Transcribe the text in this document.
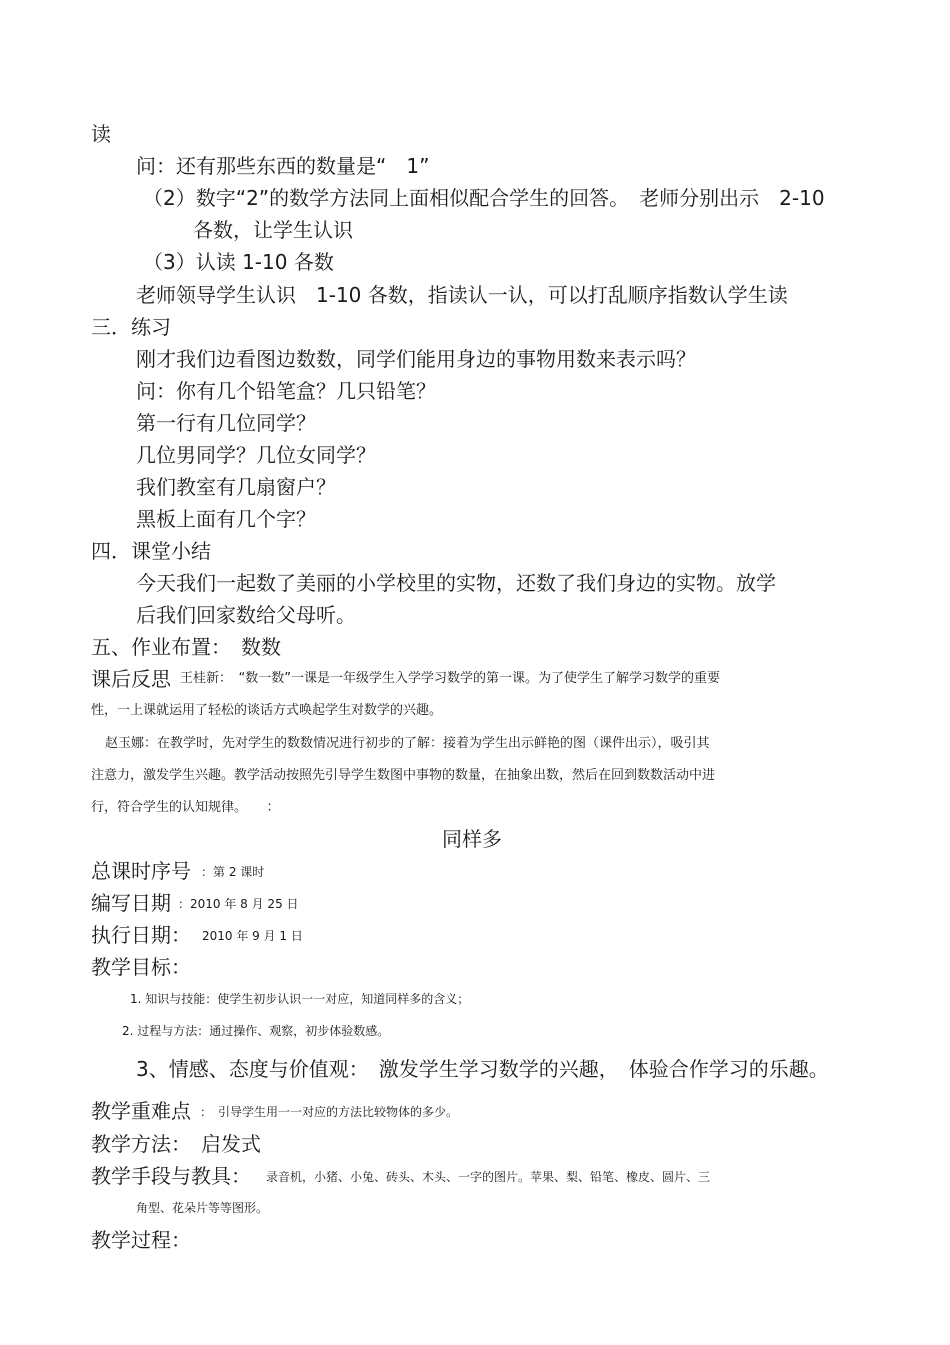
读
问：还有那些东西的数量是“　1”
（2）数字“2”的数学方法同上面相似配合学生的回答。　老师分别出示　2-10
各数，让学生认识
（3）认读 1-10 各数
老师领导学生认识　1-10 各数，指读认一认，可以打乱顺序指数认学生读
三．练习
刚才我们边看图边数数，同学们能用身边的事物用数来表示吗？
问：你有几个铅笔盒？几只铅笔？
第一行有几位同学？
几位男同学？几位女同学？
我们教室有几扇窗户？
黑板上面有几个字？
四．课堂小结
今天我们一起数了美丽的小学校里的实物，还数了我们身边的实物。放学
后我们回家数给父母听。
五、作业布置：　数数
课后反思 王桂新：　“数一数”一课是一年级学生入学学习数学的第一课。为了使学生了解学习数学的重要
性，一上课就运用了轻松的谈话方式唤起学生对数学的兴趣。
赵玉娜：在教学时，先对学生的数数情况进行初步的了解：接着为学生出示鲜艳的图（课件出示），吸引其
注意力，激发学生兴趣。教学活动按照先引导学生数图中事物的数量，在抽象出数，然后在回到数数活动中进
行，符合学生的认知规律。　　：
同样多
总课时序号 ：第 2 课时
编写日期 ：2010 年 8 月 25 日
执行日期： 2010 年 9 月 1 日
教学目标：
1. 知识与技能：使学生初步认识一一对应，知道同样多的含义；
2. 过程与方法：通过操作、观察，初步体验数感。
3、情感、态度与价值观：　激发学生学习数学的兴趣，　体验合作学习的乐趣。
教学重难点 ：　引导学生用一一对应的方法比较物体的多少。
教学方法：　启发式
教学手段与教具： 录音机，小猪、小兔、砖头、木头、一字的图片。苹果、梨、铅笔、橡皮、圆片、三
角型、花朵片等等图形。
教学过程：
